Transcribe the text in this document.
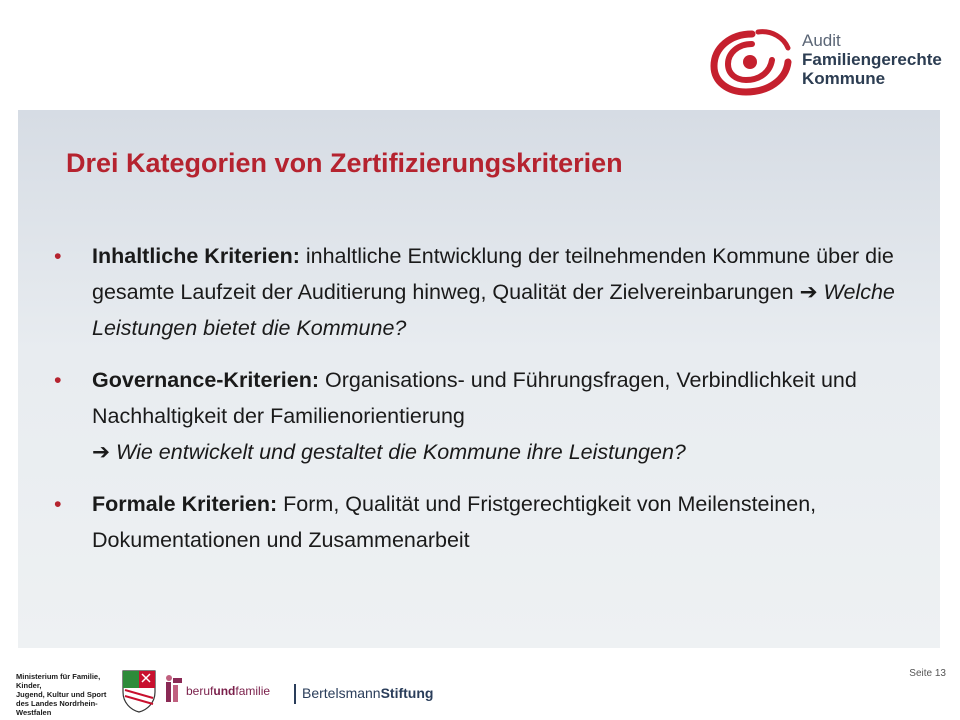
Audit
Familiengerechte
Kommune
Drei Kategorien von Zertifizierungskriterien
• Inhaltliche Kriterien: inhaltliche Entwicklung der teilnehmenden Kommune über die gesamte Laufzeit der Auditierung hinweg, Qualität der Zielvereinbarungen ➔ Welche Leistungen bietet die Kommune?
• Governance-Kriterien: Organisations- und Führungsfragen, Verbindlichkeit und Nachhaltigkeit der Familienorientierung
➔ Wie entwickelt und gestaltet die Kommune ihre Leistungen?
• Formale Kriterien: Form, Qualität und Fristgerechtigkeit von Meilensteinen, Dokumentationen und Zusammenarbeit
Ministerium für Familie, Kinder,
Jugend, Kultur und Sport
des Landes Nordrhein-Westfalen
berufundfamilie	BertelsmannStiftung
Seite 13
